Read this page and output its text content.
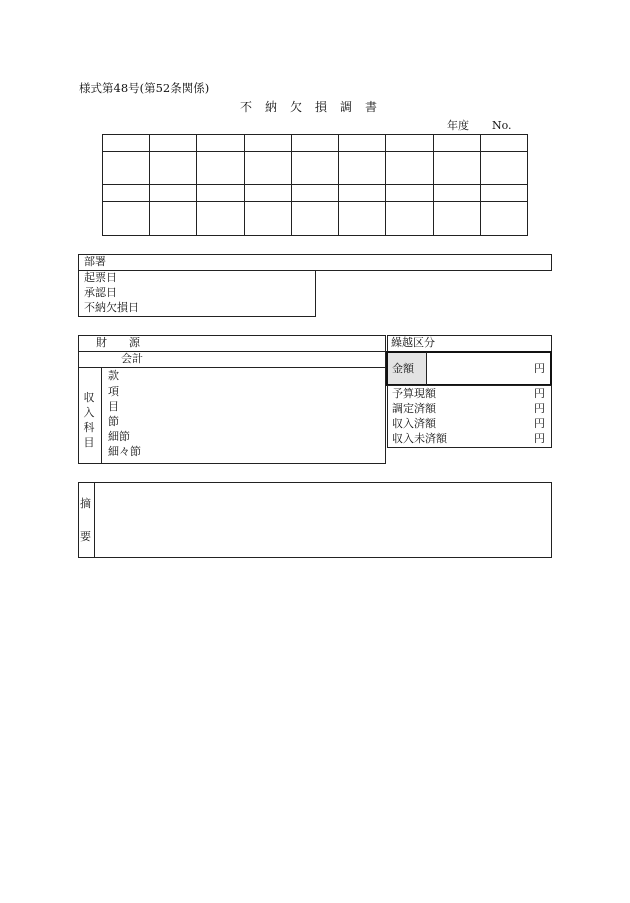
様式第48号(第52条関係)
不納欠損調書
年度 No.

部署
起票日
承認日
不納欠損日
財　　源
会計
収入科目
款
項
目
節
細節
細々節
繰越区分
金額	円
予算現額	円
調定済額	円
収入済額	円
収入未済額	円
摘
要
